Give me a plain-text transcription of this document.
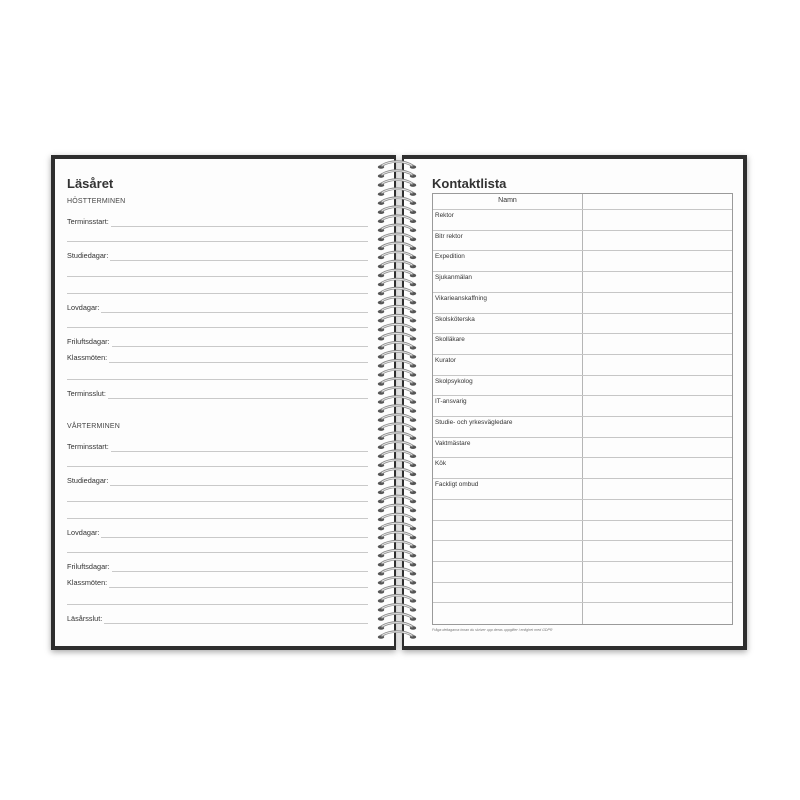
Läsåret
HÖSTTERMINEN
Terminsstart:
Studiedagar:
Lovdagar:
Friluftsdagar:
Klassmöten:
Terminsslut:
VÅRTERMINEN
Terminsstart:
Studiedagar:
Lovdagar:
Friluftsdagar:
Klassmöten:
Läsårsslut:
Kontaktlista
Namn
Rektor
Bitr rektor
Expedition
Sjukanmälan
Vikarieanskaffning
Skolsköterska
Skolläkare
Kurator
Skolpsykolog
IT-ansvarig
Studie- och yrkesvägledare
Vaktmästare
Kök
Fackligt ombud
Fråga deltagarna innan du skriver upp deras uppgifter i enlighet med GDPR
